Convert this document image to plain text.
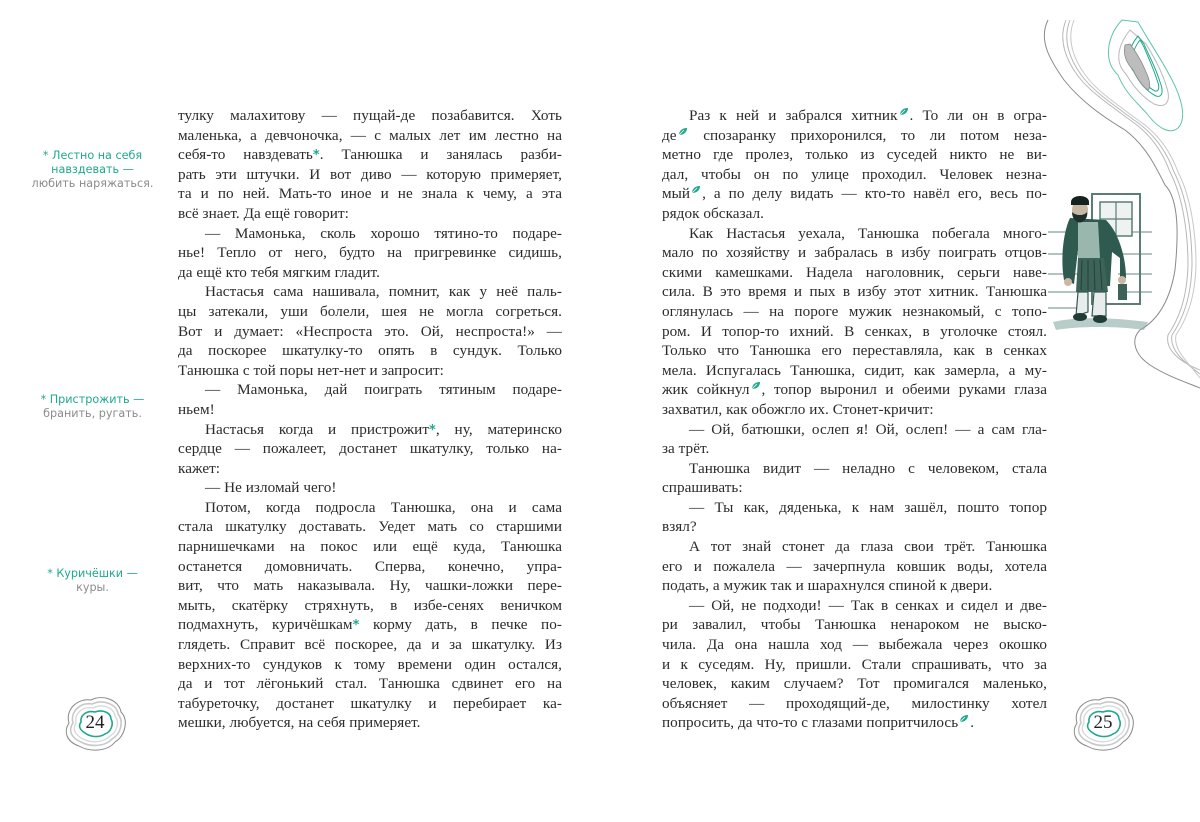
* Лестно на себя навздевать —
любить наряжаться.
* Пристрожить —
бранить, ругать.
* Куричёшки —
куры.
тулку малахитову — пущай-де позабавится. Хоть
маленька, а девчоночка, — с малых лет им лестно на
себя-то навздевать*. Танюшка и занялась разби-
рать эти штучки. И вот диво — которую примеряет,
та и по ней. Мать-то иное и не знала к чему, а эта
всё знает. Да ещё говорит:
— Мамонька, сколь хорошо тятино-то подаре-
нье! Тепло от него, будто на пригревинке сидишь,
да ещё кто тебя мягким гладит.
Настасья сама нашивала, помнит, как у неё паль-
цы затекали, уши болели, шея не могла согреться.
Вот и думает: «Неспроста это. Ой, неспроста!» —
да поскорее шкатулку-то опять в сундук. Только
Танюшка с той поры нет-нет и запросит:
— Мамонька, дай поиграть тятиным подаре-
ньем!
Настасья когда и пристрожит*, ну, материнско
сердце — пожалеет, достанет шкатулку, только на-
кажет:
— Не изломай чего!
Потом, когда подросла Танюшка, она и сама
стала шкатулку доставать. Уедет мать со старшими
парнишечками на покос или ещё куда, Танюшка
останется домовничать. Сперва, конечно, упра-
вит, что мать наказывала. Ну, чашки-ложки пере-
мыть, скатёрку стряхнуть, в избе-сенях веничком
подмахнуть, куричёшкам* корму дать, в печке по-
глядеть. Справит всё поскорее, да и за шкатулку. Из
верхних-то сундуков к тому времени один остался,
да и тот лёгонький стал. Танюшка сдвинет его на
табуреточку, достанет шкатулку и перебирает ка-
мешки, любуется, на себя примеряет.
24
Раз к ней и забрался хитник . То ли он в огра-
де спозаранку прихоронился, то ли потом неза-
метно где пролез, только из суседей никто не ви-
дал, чтобы он по улице проходил. Человек незна-
мый , а по делу видать — кто-то навёл его, весь по-
рядок обсказал.
Как Настасья уехала, Танюшка побегала много-
мало по хозяйству и забралась в избу поиграть отцов-
скими камешками. Надела наголовник, серьги наве-
сила. В это время и пых в избу этот хитник. Танюшка
оглянулась — на пороге мужик незнакомый, с топо-
ром. И топор-то ихний. В сенках, в уголочке стоял.
Только что Танюшка его переставляла, как в сенках
мела. Испугалась Танюшка, сидит, как замерла, а му-
жик сойкнул , топор выронил и обеими руками глаза
захватил, как обожгло их. Стонет-кричит:
— Ой, батюшки, ослеп я! Ой, ослеп! — а сам гла-
за трёт.
Танюшка видит — неладно с человеком, стала
спрашивать:
— Ты как, дяденька, к нам зашёл, пошто топор
взял?
А тот знай стонет да глаза свои трёт. Танюшка
его и пожалела — зачерпнула ковшик воды, хотела
подать, а мужик так и шарахнулся спиной к двери.
— Ой, не подходи! — Так в сенках и сидел и две-
ри завалил, чтобы Танюшка ненароком не выско-
чила. Да она нашла ход — выбежала через окошко
и к суседям. Ну, пришли. Стали спрашивать, что за
человек, каким случаем? Тот промигался маленько,
объясняет — проходящий-де, милостинку хотел
попросить, да что-то с глазами попритчилось .	25
